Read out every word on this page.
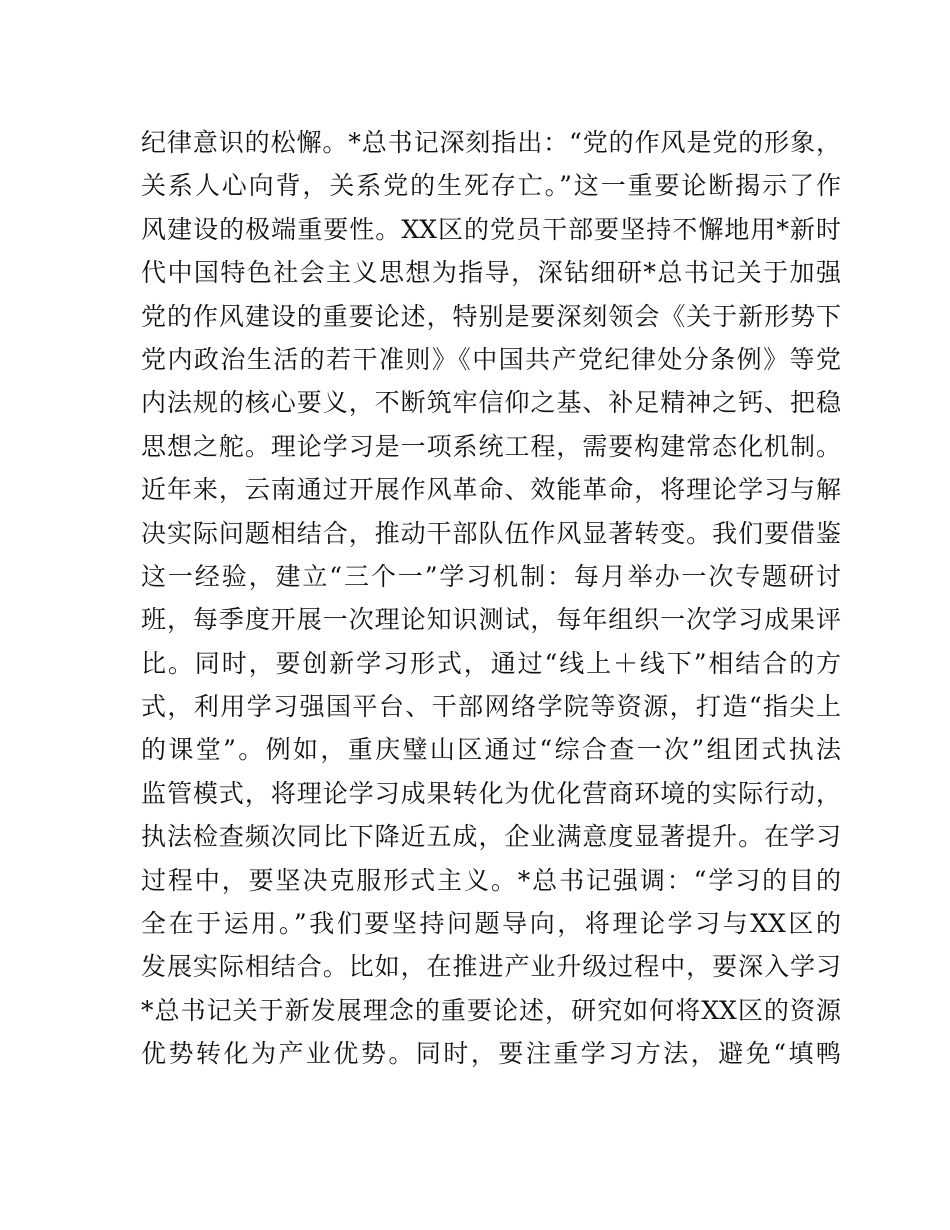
纪律意识的松懈。*总书记深刻指出：“党的作风是党的形象，
关系人心向背，关系党的生死存亡。”这一重要论断揭示了作
风建设的极端重要性。XX区的党员干部要坚持不懈地用*新时
代中国特色社会主义思想为指导，深钻细研*总书记关于加强
党的作风建设的重要论述，特别是要深刻领会《关于新形势下
党内政治生活的若干准则》《中国共产党纪律处分条例》等党
内法规的核心要义，不断筑牢信仰之基、补足精神之钙、把稳
思想之舵。理论学习是一项系统工程，需要构建常态化机制。
近年来，云南通过开展作风革命、效能革命，将理论学习与解
决实际问题相结合，推动干部队伍作风显著转变。我们要借鉴
这一经验，建立“三个一”学习机制：每月举办一次专题研讨
班，每季度开展一次理论知识测试，每年组织一次学习成果评
比。同时，要创新学习形式，通过“线上＋线下”相结合的方
式，利用学习强国平台、干部网络学院等资源，打造“指尖上
的课堂”。例如，重庆璧山区通过“综合查一次”组团式执法
监管模式，将理论学习成果转化为优化营商环境的实际行动，
执法检查频次同比下降近五成，企业满意度显著提升。在学习
过程中，要坚决克服形式主义。*总书记强调：“学习的目的
全在于运用。”我们要坚持问题导向，将理论学习与XX区的
发展实际相结合。比如，在推进产业升级过程中，要深入学习
*总书记关于新发展理念的重要论述，研究如何将XX区的资源
优势转化为产业优势。同时，要注重学习方法，避免“填鸭
